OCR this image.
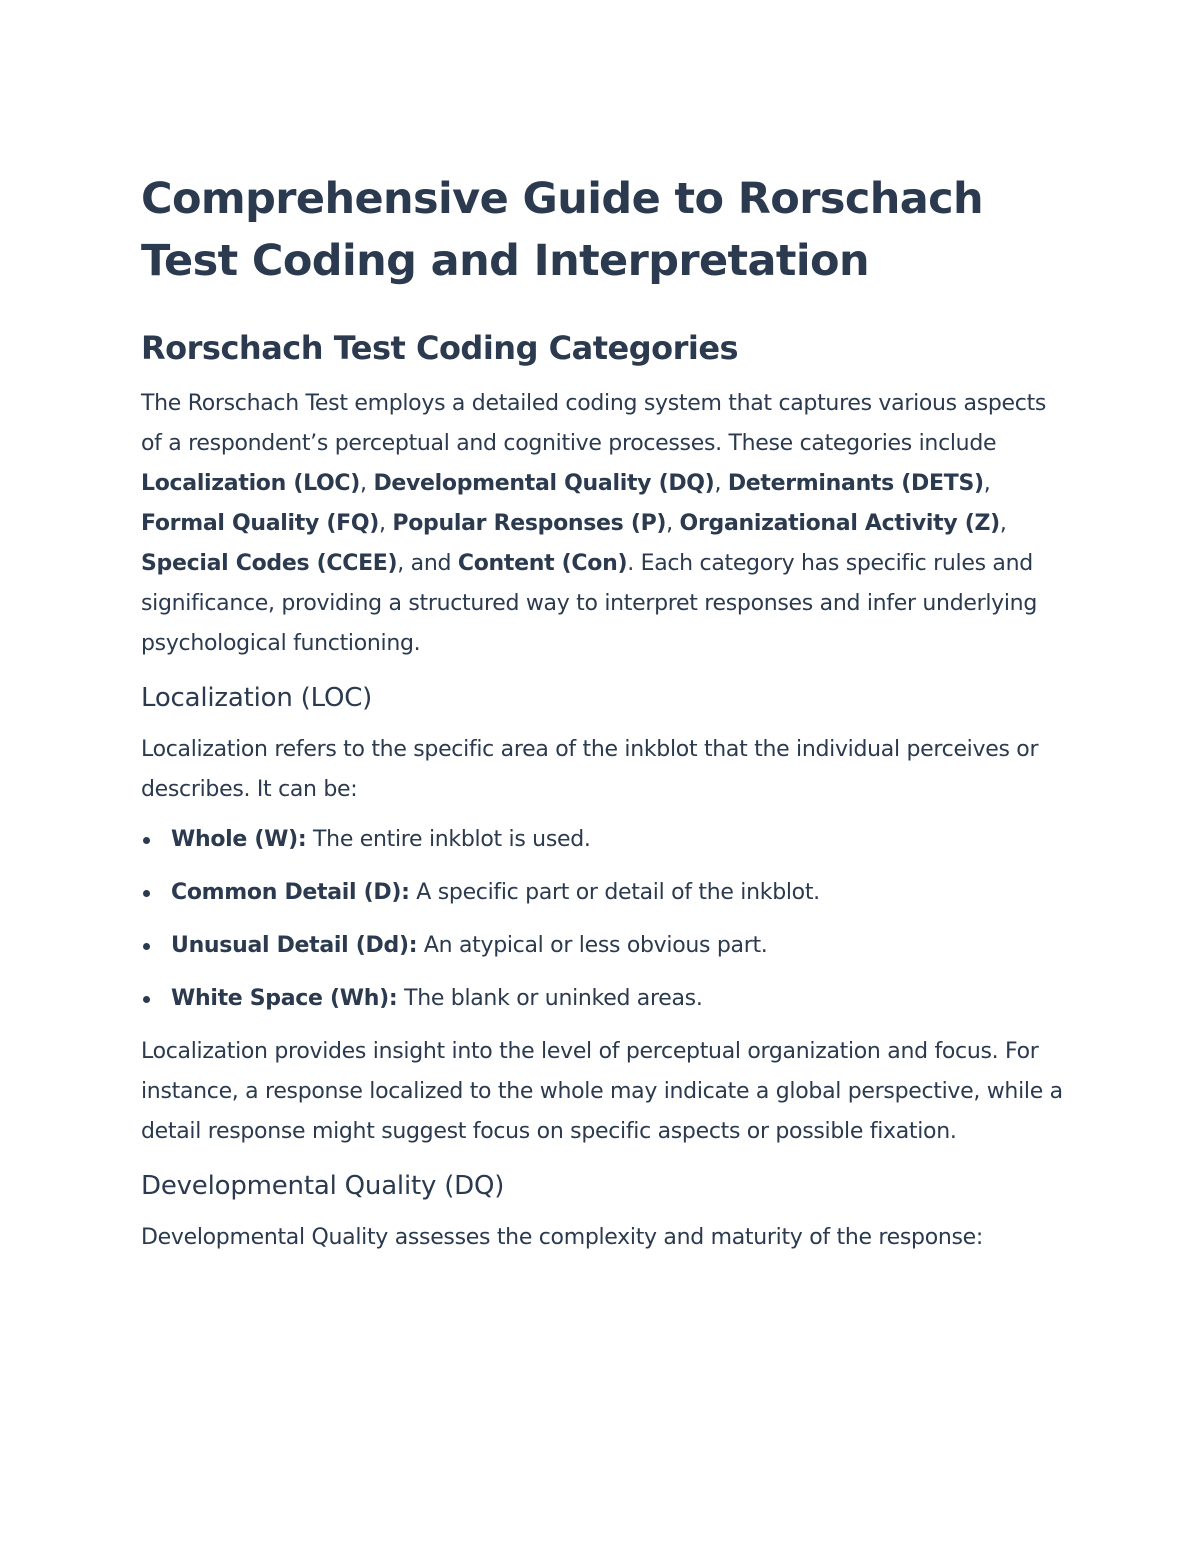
Comprehensive Guide to Rorschach
Test Coding and Interpretation
Rorschach Test Coding Categories

The Rorschach Test employs a detailed coding system that captures various aspects of a respondent’s perceptual and cognitive processes. These categories include Localization (LOC), Developmental Quality (DQ), Determinants (DETS), Formal Quality (FQ), Popular Responses (P), Organizational Activity (Z), Special Codes (CCEE), and Content (Con). Each category has specific rules and significance, providing a structured way to interpret responses and infer underlying psychological functioning.

Localization (LOC)

Localization refers to the specific area of the inkblot that the individual perceives or describes. It can be:

Whole (W): The entire inkblot is used.
Common Detail (D): A specific part or detail of the inkblot.
Unusual Detail (Dd): An atypical or less obvious part.
White Space (Wh): The blank or uninked areas.

Localization provides insight into the level of perceptual organization and focus. For instance, a response localized to the whole may indicate a global perspective, while a detail response might suggest focus on specific aspects or possible fixation.

Developmental Quality (DQ)

Developmental Quality assesses the complexity and maturity of the response:
